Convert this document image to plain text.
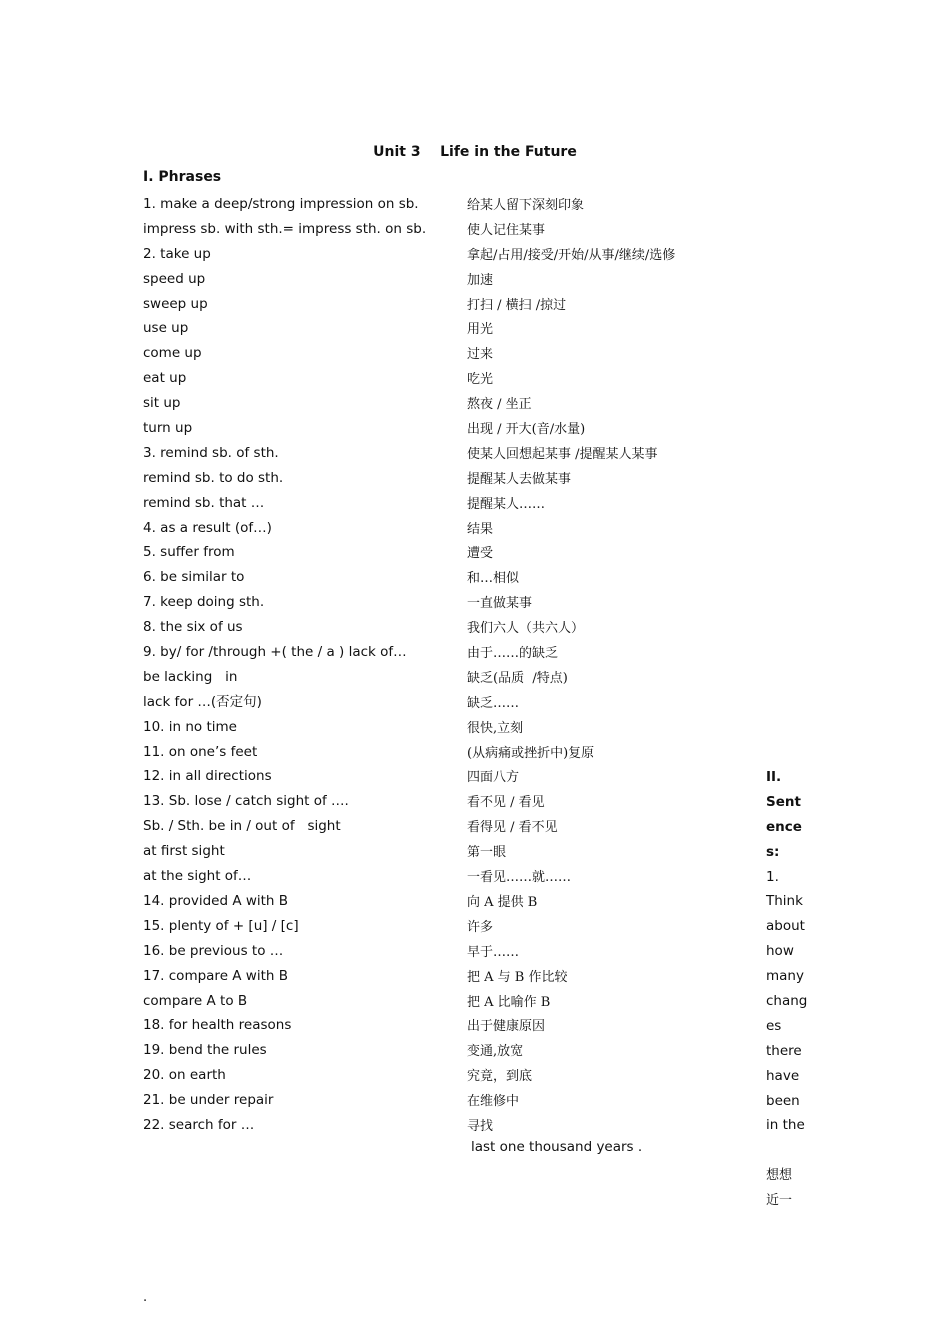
Unit 3    Life in the Future
I. Phrases
1. make a deep/strong impression on sb.	给某人留下深刻印象
impress sb. with sth.= impress sth. on sb.	使人记住某事
2. take up	拿起/占用/接受/开始/从事/继续/选修
speed up	加速
sweep up	打扫 / 横扫 /掠过
use up	用光
come up	过来
eat up	吃光
sit up	熬夜 / 坐正
turn up	出现 / 开大(音/水量)
3. remind sb. of sth.	使某人回想起某事 /提醒某人某事
remind sb. to do sth.	提醒某人去做某事
remind sb. that …	提醒某人……
4. as a result (of…)	结果
5. suffer from	遭受
6. be similar to	和…相似
7. keep doing sth.	一直做某事
8. the six of us	我们六人（共六人）
9. by/ for /through +( the / a ) lack of…	由于……的缺乏
be lacking   in	缺乏(品质  /特点)
lack for …(否定句)	缺乏……
10. in no time	很快,立刻
11. on one’s feet	(从病痛或挫折中)复原
12. in all directions	四面八方
13. Sb. lose / catch sight of ….	看不见 / 看见
Sb. / Sth. be in / out of   sight	看得见 / 看不见
at first sight	第一眼
at the sight of…	一看见……就……
14. provided A with B	向 A 提供 B
15. plenty of + [u] / [c]	许多
16. be previous to …	早于……
17. compare A with B	把 A 与 B 作比较
compare A to B	把 A 比喻作 B
18. for health reasons	出于健康原因
19. bend the rules	变通,放宽
20. on earth	究竟，到底
21. be under repair	在维修中
22. search for …	寻找
last one thousand years .
II.
Sent
ence
s:
1.
Think
about
how
many
chang
es
there
have
been
in the
想想
近一
.
